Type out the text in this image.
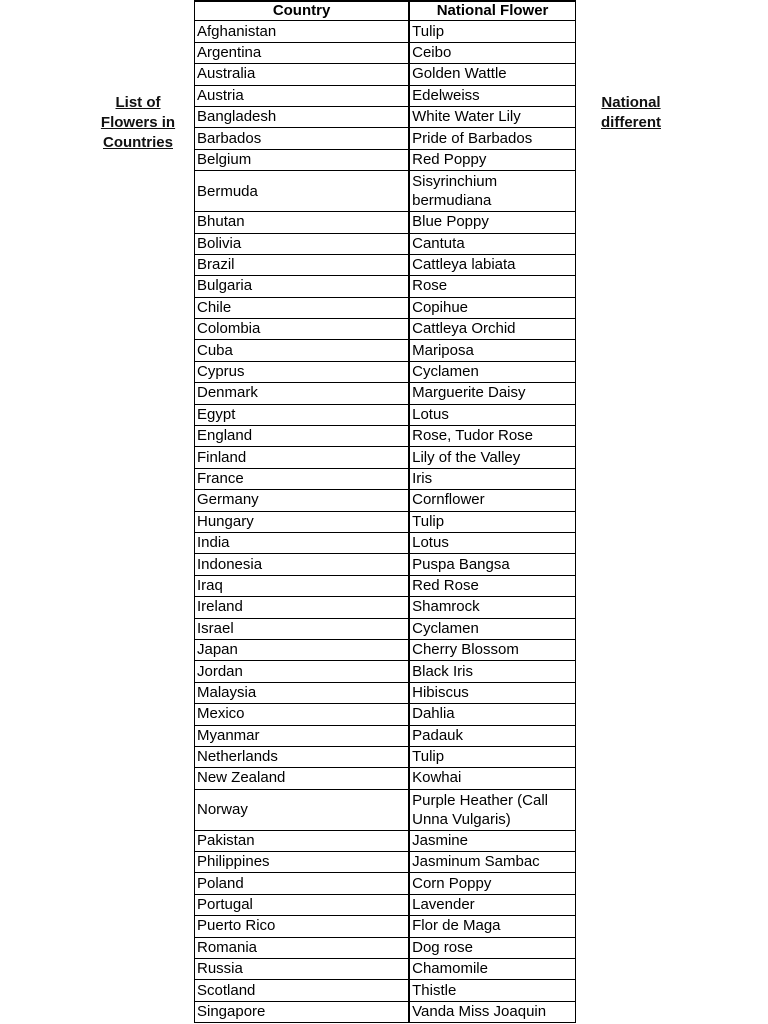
List of
Flowers in
Countries
National
different
Country	National Flower
Afghanistan	Tulip
Argentina	Ceibo
Australia	Golden Wattle
Austria	Edelweiss
Bangladesh	White Water Lily
Barbados	Pride of Barbados
Belgium	Red Poppy
Bermuda	Sisyrinchium bermudiana
Bhutan	Blue Poppy
Bolivia	Cantuta
Brazil	Cattleya labiata
Bulgaria	Rose
Chile	Copihue
Colombia	Cattleya Orchid
Cuba	Mariposa
Cyprus	Cyclamen
Denmark	Marguerite Daisy
Egypt	Lotus
England	Rose, Tudor Rose
Finland	Lily of the Valley
France	Iris
Germany	Cornflower
Hungary	Tulip
India	Lotus
Indonesia	Puspa Bangsa
Iraq	Red Rose
Ireland	Shamrock
Israel	Cyclamen
Japan	Cherry Blossom
Jordan	Black Iris
Malaysia	Hibiscus
Mexico	Dahlia
Myanmar	Padauk
Netherlands	Tulip
New Zealand	Kowhai
Norway	Purple Heather (Call Unna Vulgaris)
Pakistan	Jasmine
Philippines	Jasminum Sambac
Poland	Corn Poppy
Portugal	Lavender
Puerto Rico	Flor de Maga
Romania	Dog rose
Russia	Chamomile
Scotland	Thistle
Singapore	Vanda Miss Joaquin
